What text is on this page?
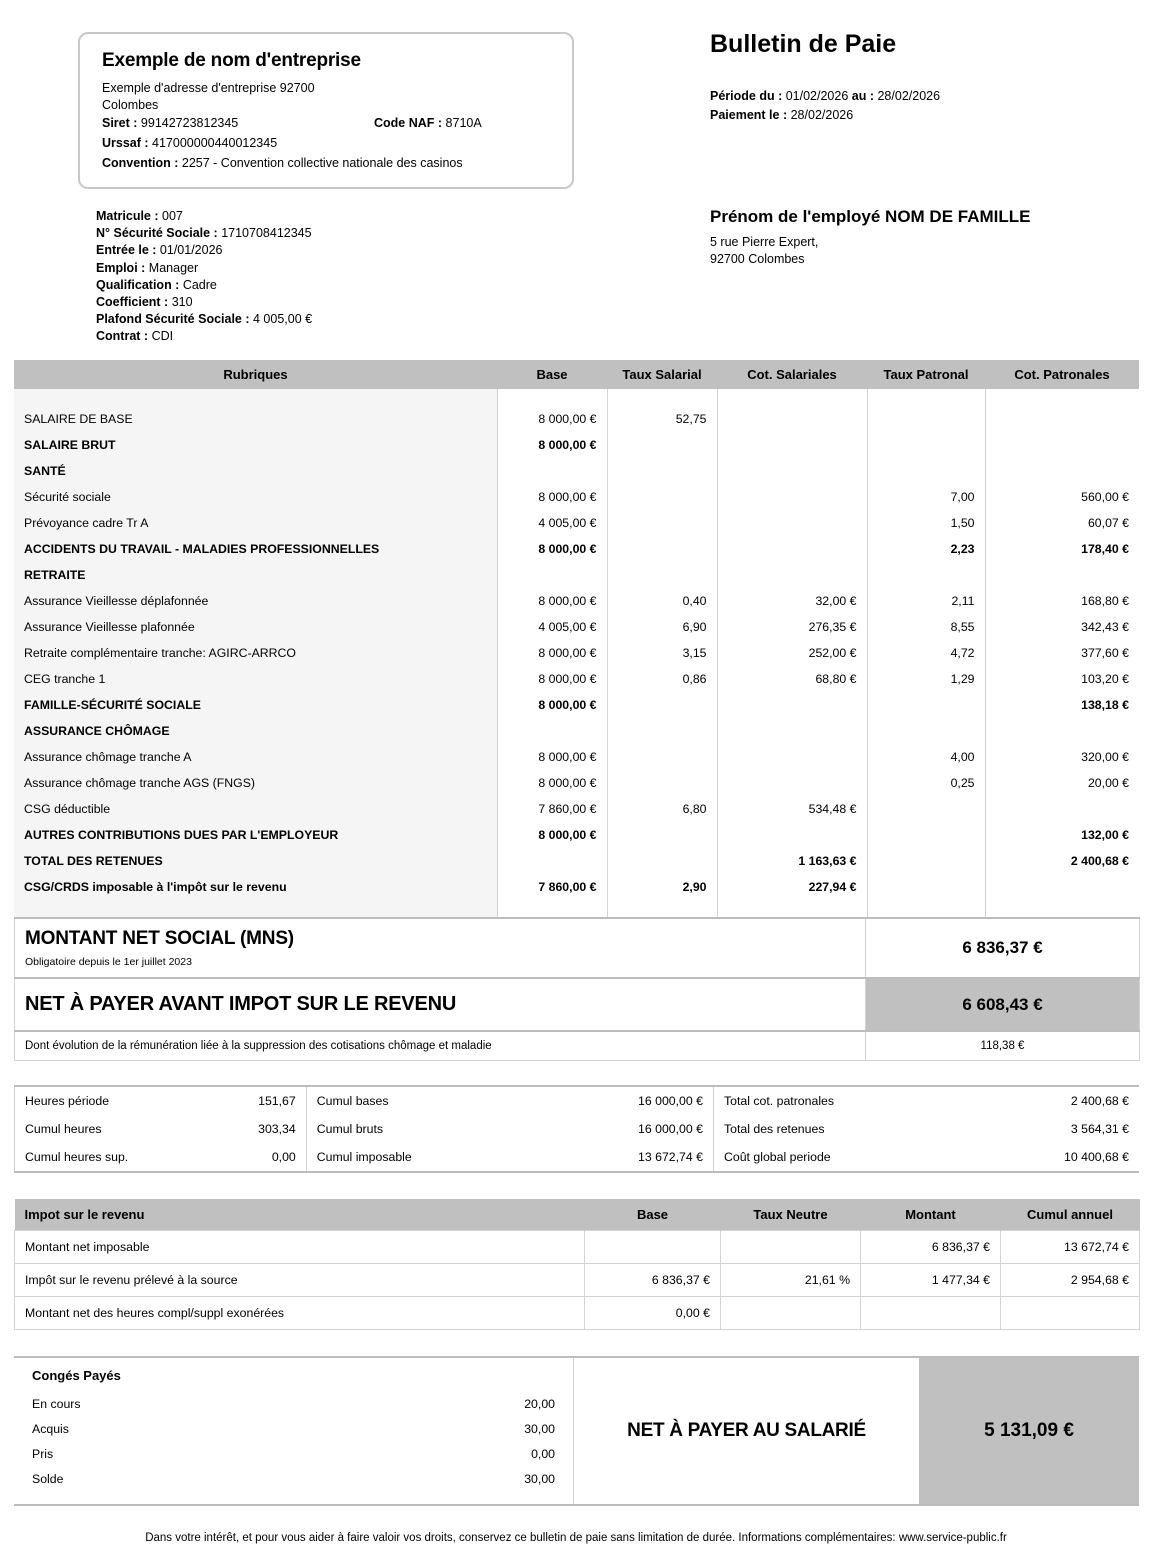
Exemple de nom d'entreprise
Exemple d'adresse d'entreprise 92700
Colombes
Siret : 99142723812345	Code NAF : 8710A
Urssaf : 417000000440012345
Convention : 2257 - Convention collective nationale des casinos
Bulletin de Paie
Période du : 01/02/2026 au : 28/02/2026
Paiement le : 28/02/2026
Matricule : 007
N° Sécurité Sociale : 1710708412345
Entrée le : 01/01/2026
Emploi : Manager
Qualification : Cadre
Coefficient : 310
Plafond Sécurité Sociale : 4 005,00 €
Contrat : CDI
Prénom de l'employé NOM DE FAMILLE
5 rue Pierre Expert,
92700 Colombes
Rubriques	Base	Taux Salarial	Cot. Salariales	Taux Patronal	Cot. Patronales

SALAIRE DE BASE	8 000,00 €	52,75			
SALAIRE BRUT	8 000,00 €				
SANTÉ					
Sécurité sociale	8 000,00 €			7,00	560,00 €
Prévoyance cadre Tr A	4 005,00 €			1,50	60,07 €
ACCIDENTS DU TRAVAIL - MALADIES PROFESSIONNELLES	8 000,00 €			2,23	178,40 €
RETRAITE					
Assurance Vieillesse déplafonnée	8 000,00 €	0,40	32,00 €	2,11	168,80 €
Assurance Vieillesse plafonnée	4 005,00 €	6,90	276,35 €	8,55	342,43 €
Retraite complémentaire tranche: AGIRC-ARRCO	8 000,00 €	3,15	252,00 €	4,72	377,60 €
CEG tranche 1	8 000,00 €	0,86	68,80 €	1,29	103,20 €
FAMILLE-SÉCURITÉ SOCIALE	8 000,00 €				138,18 €
ASSURANCE CHÔMAGE					
Assurance chômage tranche A	8 000,00 €			4,00	320,00 €
Assurance chômage tranche AGS (FNGS)	8 000,00 €			0,25	20,00 €
CSG déductible	7 860,00 €	6,80	534,48 €		
AUTRES CONTRIBUTIONS DUES PAR L'EMPLOYEUR	8 000,00 €				132,00 €
TOTAL DES RETENUES			1 163,63 €		2 400,68 €
CSG/CRDS imposable à l'impôt sur le revenu	7 860,00 €	2,90	227,94 €		

MONTANT NET SOCIAL (MNS)
Obligatoire depuis le 1er juillet 2023	6 836,37 €

NET À PAYER AVANT IMPOT SUR LE REVENU	6 608,43 €
Dont évolution de la rémunération liée à la suppression des cotisations chômage et maladie	118,38 €
Heures période	151,67	Cumul bases	16 000,00 €	Total cot. patronales	2 400,68 €
Cumul heures	303,34	Cumul bruts	16 000,00 €	Total des retenues	3 564,31 €
Cumul heures sup.	0,00	Cumul imposable	13 672,74 €	Coût global periode	10 400,68 €
Impot sur le revenu	Base	Taux Neutre	Montant	Cumul annuel
Montant net imposable			6 836,37 €	13 672,74 €
Impôt sur le revenu prélevé à la source	6 836,37 €	21,61 %	1 477,34 €	2 954,68 €
Montant net des heures compl/suppl exonérées	0,00 €			
Congés Payés
En cours	20,00
Acquis	30,00
Pris	0,00
Solde	30,00
NET À PAYER AU SALARIÉ	5 131,09 €
Dans votre intérêt, et pour vous aider à faire valoir vos droits, conservez ce bulletin de paie sans limitation de durée. Informations complémentaires: www.service-public.fr
